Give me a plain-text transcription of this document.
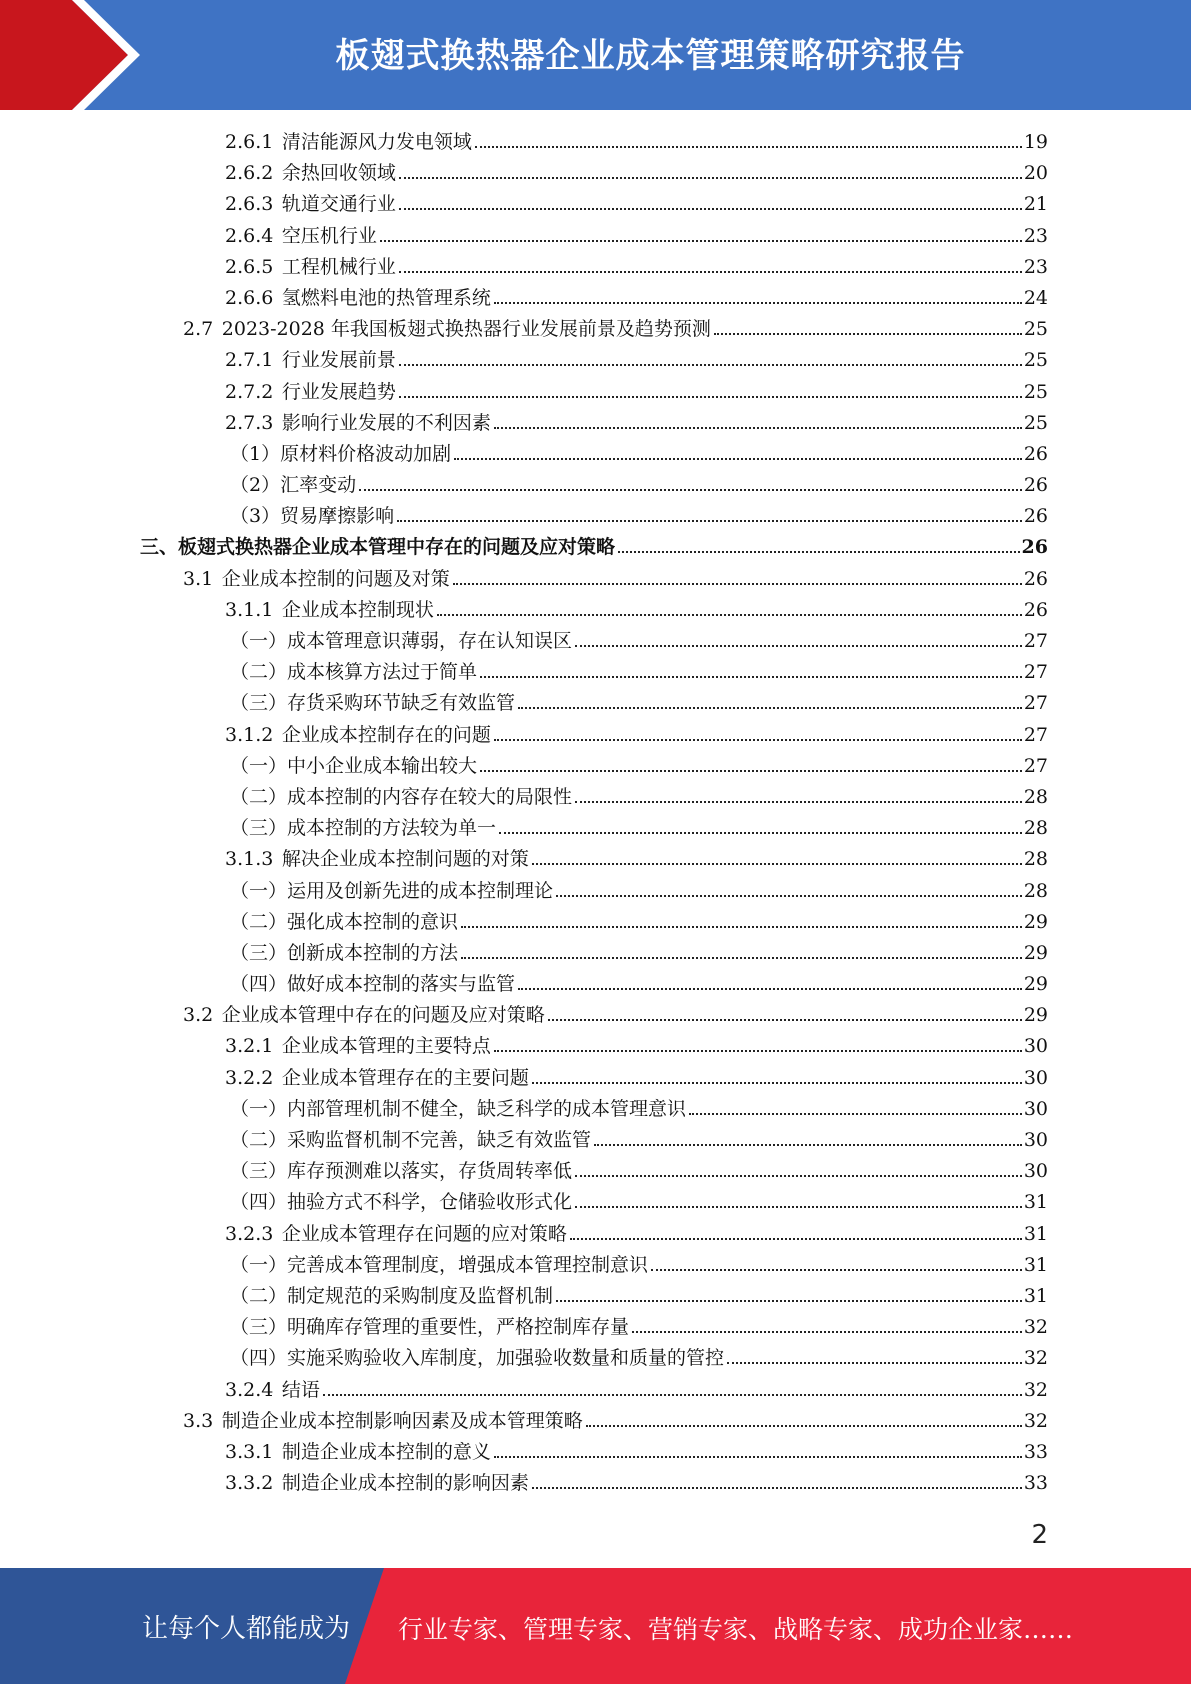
板翅式换热器企业成本管理策略研究报告
2.6.1 清洁能源风力发电领域	19
2.6.2 余热回收领域	20
2.6.3 轨道交通行业	21
2.6.4 空压机行业	23
2.6.5 工程机械行业	23
2.6.6 氢燃料电池的热管理系统	24
2.7 2023-2028 年我国板翅式换热器行业发展前景及趋势预测	25
2.7.1 行业发展前景	25
2.7.2 行业发展趋势	25
2.7.3 影响行业发展的不利因素	25
（1） 原材料价格波动加剧	26
（2） 汇率变动	26
（3） 贸易摩擦影响	26
三、 板翅式换热器企业成本管理中存在的问题及应对策略	26
3.1 企业成本控制的问题及对策	26
3.1.1 企业成本控制现状	26
（一） 成本管理意识薄弱，存在认知误区	27
（二） 成本核算方法过于简单	27
（三） 存货采购环节缺乏有效监管	27
3.1.2 企业成本控制存在的问题	27
（一） 中小企业成本输出较大	27
（二） 成本控制的内容存在较大的局限性	28
（三） 成本控制的方法较为单一	28
3.1.3 解决企业成本控制问题的对策	28
（一） 运用及创新先进的成本控制理论	28
（二） 强化成本控制的意识	29
（三） 创新成本控制的方法	29
（四） 做好成本控制的落实与监管	29
3.2 企业成本管理中存在的问题及应对策略	29
3.2.1 企业成本管理的主要特点	30
3.2.2 企业成本管理存在的主要问题	30
（一） 内部管理机制不健全，缺乏科学的成本管理意识	30
（二） 采购监督机制不完善，缺乏有效监管	30
（三） 库存预测难以落实，存货周转率低	30
（四） 抽验方式不科学，仓储验收形式化	31
3.2.3 企业成本管理存在问题的应对策略	31
（一） 完善成本管理制度，增强成本管理控制意识	31
（二） 制定规范的采购制度及监督机制	31
（三） 明确库存管理的重要性，严格控制库存量	32
（四） 实施采购验收入库制度，加强验收数量和质量的管控	32
3.2.4 结语	32
3.3 制造企业成本控制影响因素及成本管理策略	32
3.3.1 制造企业成本控制的意义	33
3.3.2 制造企业成本控制的影响因素	33
2
让每个人都能成为 行业专家、管理专家、营销专家、战略专家、成功企业家……
